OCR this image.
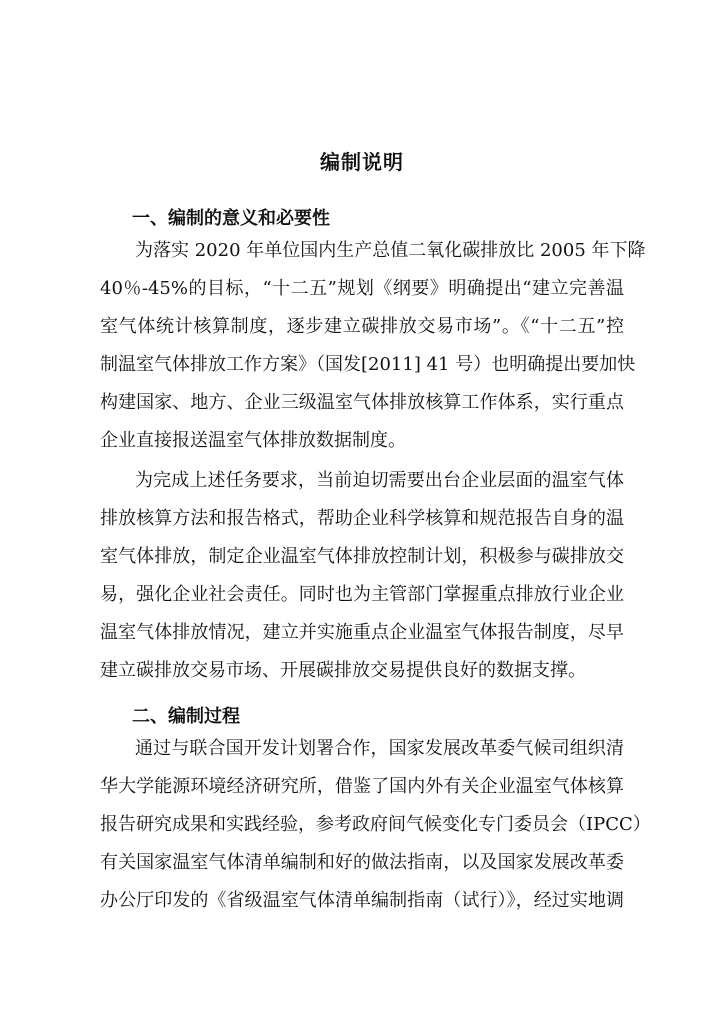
编制说明
一、编制的意义和必要性
为落实 2020 年单位国内生产总值二氧化碳排放比 2005 年下降
40％-45%的目标，“十二五”规划《纲要》明确提出“建立完善温
室气体统计核算制度，逐步建立碳排放交易市场”。《“十二五”控
制温室气体排放工作方案》（国发[2011] 41 号）也明确提出要加快
构建国家、地方、企业三级温室气体排放核算工作体系，实行重点
企业直接报送温室气体排放数据制度。
为完成上述任务要求，当前迫切需要出台企业层面的温室气体
排放核算方法和报告格式，帮助企业科学核算和规范报告自身的温
室气体排放，制定企业温室气体排放控制计划，积极参与碳排放交
易，强化企业社会责任。同时也为主管部门掌握重点排放行业企业
温室气体排放情况，建立并实施重点企业温室气体报告制度，尽早
建立碳排放交易市场、开展碳排放交易提供良好的数据支撑。
二、编制过程
通过与联合国开发计划署合作，国家发展改革委气候司组织清
华大学能源环境经济研究所，借鉴了国内外有关企业温室气体核算
报告研究成果和实践经验，参考政府间气候变化专门委员会（IPCC）
有关国家温室气体清单编制和好的做法指南，以及国家发展改革委
办公厅印发的《省级温室气体清单编制指南（试行）》，经过实地调
